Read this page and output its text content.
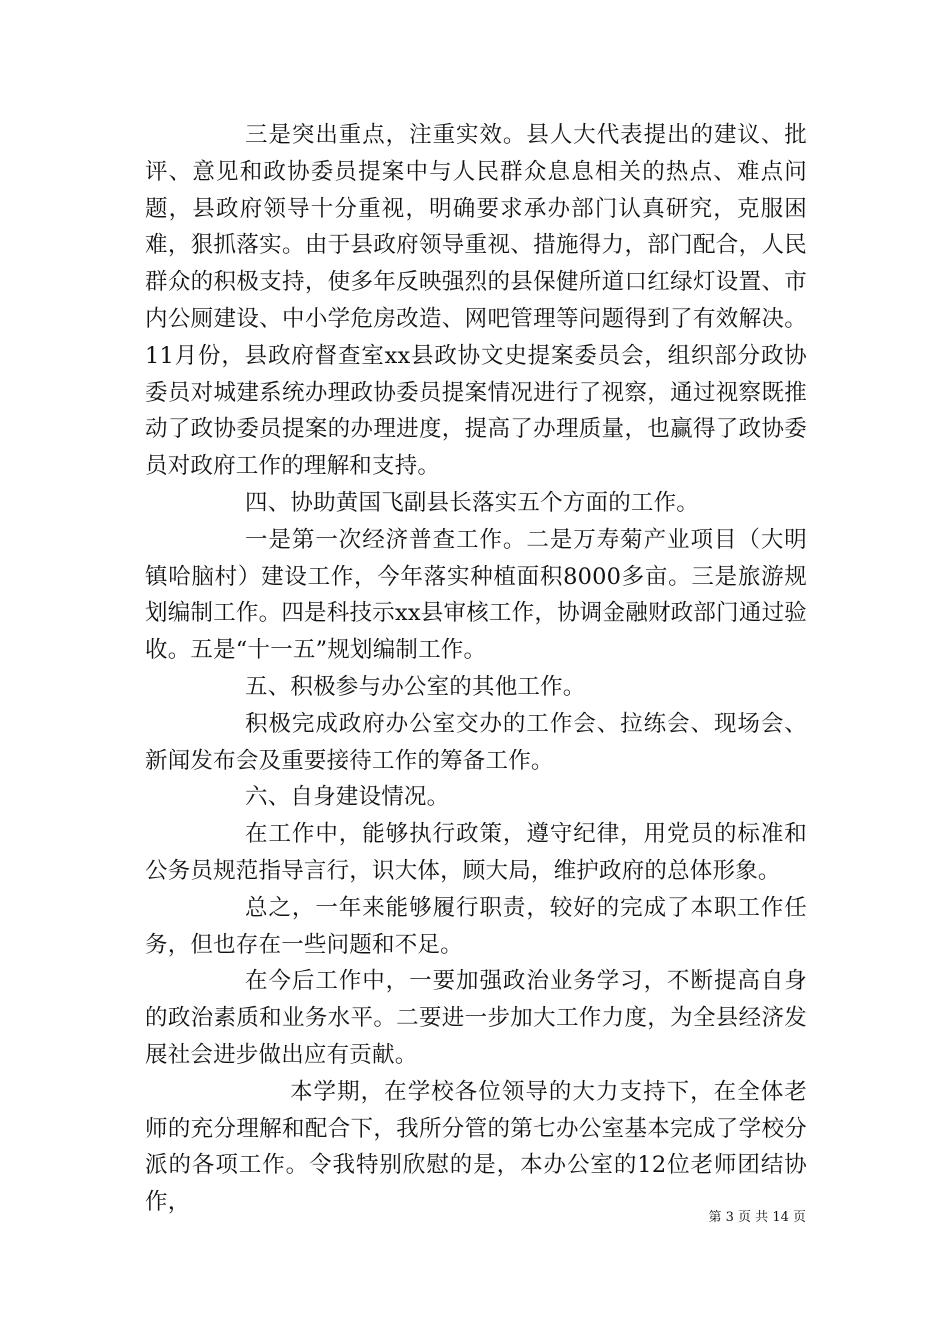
三是突出重点，注重实效。县人大代表提出的建议、批评、意见和政协委员提案中与人民群众息息相关的热点、难点问题，县政府领导十分重视，明确要求承办部门认真研究，克服困难，狠抓落实。由于县政府领导重视、措施得力，部门配合，人民群众的积极支持，使多年反映强烈的县保健所道口红绿灯设置、市内公厕建设、中小学危房改造、网吧管理等问题得到了有效解决。11月份，县政府督查室xx县政协文史提案委员会，组织部分政协委员对城建系统办理政协委员提案情况进行了视察，通过视察既推动了政协委员提案的办理进度，提高了办理质量，也赢得了政协委员对政府工作的理解和支持。

四、协助黄国飞副县长落实五个方面的工作。

一是第一次经济普查工作。二是万寿菊产业项目（大明镇哈脑村）建设工作，今年落实种植面积8000多亩。三是旅游规划编制工作。四是科技示xx县审核工作，协调金融财政部门通过验收。五是“十一五”规划编制工作。

五、积极参与办公室的其他工作。

积极完成政府办公室交办的工作会、拉练会、现场会、新闻发布会及重要接待工作的筹备工作。

六、自身建设情况。

在工作中，能够执行政策，遵守纪律，用党员的标准和公务员规范指导言行，识大体，顾大局，维护政府的总体形象。

总之，一年来能够履行职责，较好的完成了本职工作任务，但也存在一些问题和不足。

在今后工作中，一要加强政治业务学习，不断提高自身的政治素质和业务水平。二要进一步加大工作力度，为全县经济发展社会进步做出应有贡献。

本学期，在学校各位领导的大力支持下，在全体老师的充分理解和配合下，我所分管的第七办公室基本完成了学校分派的各项工作。令我特别欣慰的是，本办公室的12位老师团结协作，

第 3 页 共 14 页
